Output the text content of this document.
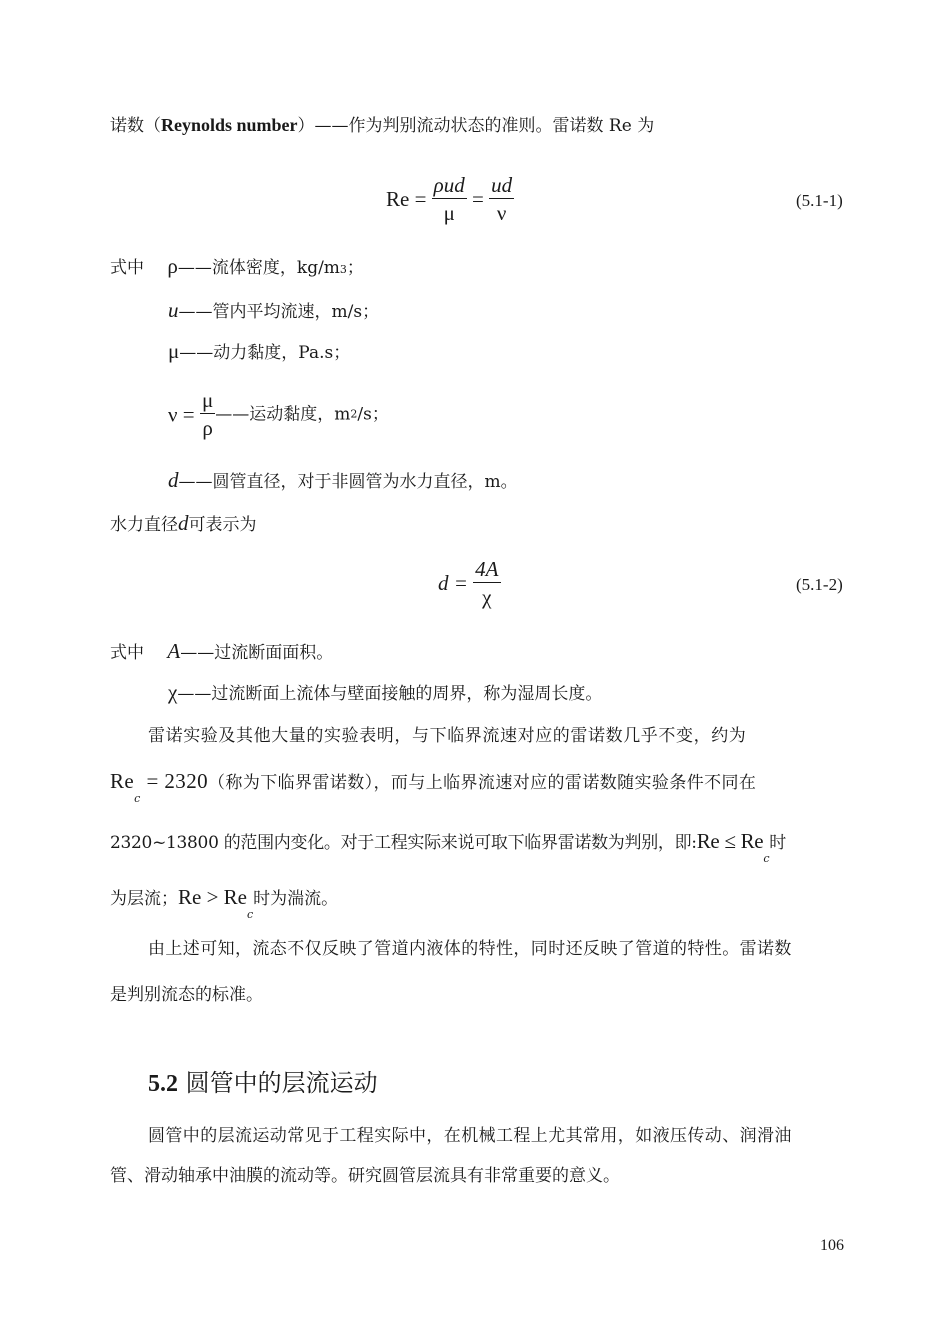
诺数（Reynolds number）——作为判别流动状态的准则。雷诺数 Re 为
$Re = \frac{\text{ρud}}{\mu} = \frac{ud}{\nu}$	(5.1-1)
式中 ρ——流体密度，kg/m3；
u——管内平均流速，m/s；
μ——动力黏度，Pa.s；
$\nu = \frac{\mu}{\rho}$ ——运动黏度，m2/s；
d——圆管直径，对于非圆管为水力直径，m。
水力直径d可表示为
$d = \frac{4A}{\chi}$	(5.1-2)
式中 A——过流断面面积。
χ——过流断面上流体与壁面接触的周界，称为湿周长度。
雷诺实验及其他大量的实验表明，与下临界流速对应的雷诺数几乎不变，约为
$Re_c = 2320$（称为下临界雷诺数），而与上临界流速对应的雷诺数随实验条件不同在
2320~13800 的范围内变化。对于工程实际来说可取下临界雷诺数为判别，即:Re ≤ $Re_c$时
为层流；$Re > Re_c$时为湍流。
由上述可知，流态不仅反映了管道内液体的特性，同时还反映了管道的特性。雷诺数
是判别流态的标准。
5.2 圆管中的层流运动
圆管中的层流运动常见于工程实际中，在机械工程上尤其常用，如液压传动、润滑油
管、滑动轴承中油膜的流动等。研究圆管层流具有非常重要的意义。
106
